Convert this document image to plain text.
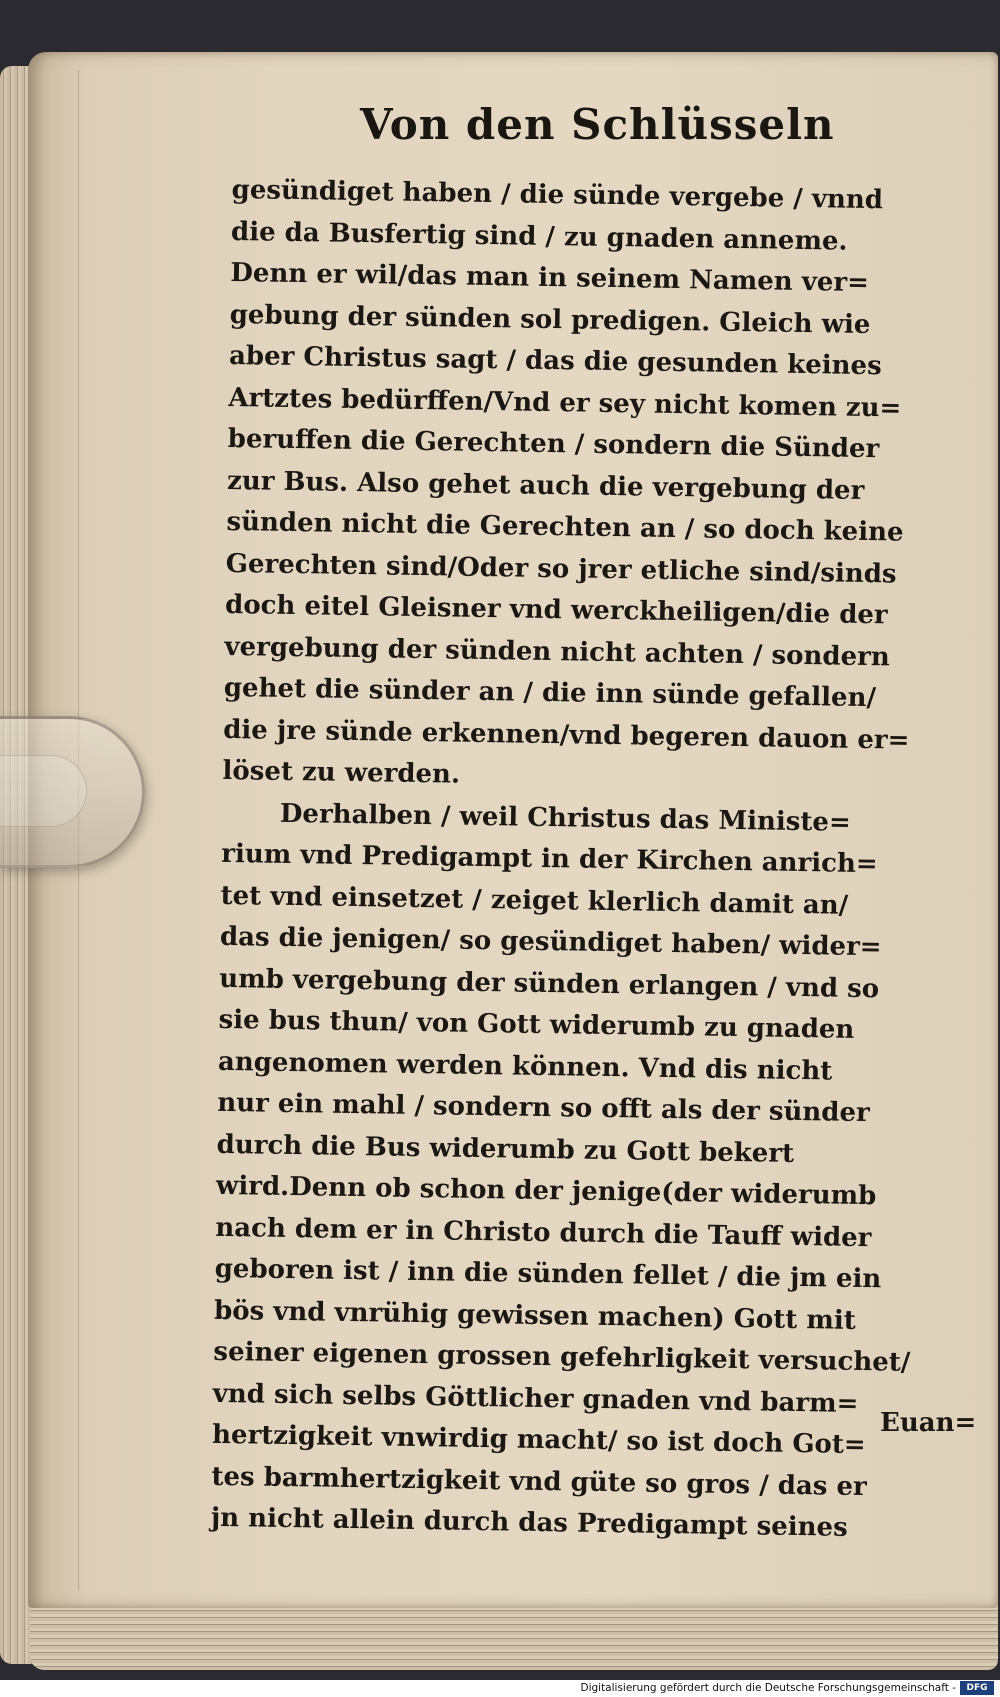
Von den Schlüsseln
gesündiget haben / die sünde vergebe / vnnd
die da Busfertig sind / zu gnaden anneme.
Denn er wil/das man in seinem Namen ver=
gebung der sünden sol predigen. Gleich wie
aber Christus sagt / das die gesunden keines
Artztes bedürffen/Vnd er sey nicht komen zu=
beruffen die Gerechten / sondern die Sünder
zur Bus. Also gehet auch die vergebung der
sünden nicht die Gerechten an / so doch keine
Gerechten sind/Oder so jrer etliche sind/sinds
doch eitel Gleisner vnd werckheiligen/die der
vergebung der sünden nicht achten / sondern
gehet die sünder an / die inn sünde gefallen/
die jre sünde erkennen/vnd begeren dauon er=
löset zu werden.
Derhalben / weil Christus das Ministe=
rium vnd Predigampt in der Kirchen anrich=
tet vnd einsetzet / zeiget klerlich damit an/
das die jenigen/ so gesündiget haben/ wider=
umb vergebung der sünden erlangen / vnd so
sie bus thun/ von Gott widerumb zu gnaden
angenomen werden können. Vnd dis nicht
nur ein mahl / sondern so offt als der sünder
durch die Bus widerumb zu Gott bekert
wird.Denn ob schon der jenige(der widerumb
nach dem er in Christo durch die Tauff wider
geboren ist / inn die sünden fellet / die jm ein
bös vnd vnrühig gewissen machen) Gott mit
seiner eigenen grossen gefehrligkeit versuchet/
vnd sich selbs Göttlicher gnaden vnd barm=
hertzigkeit vnwirdig macht/ so ist doch Got=
tes barmhertzigkeit vnd güte so gros / das er
jn nicht allein durch das Predigampt seines
Euan=
Digitalisierung gefördert durch die Deutsche Forschungsgemeinschaft -	DFG
